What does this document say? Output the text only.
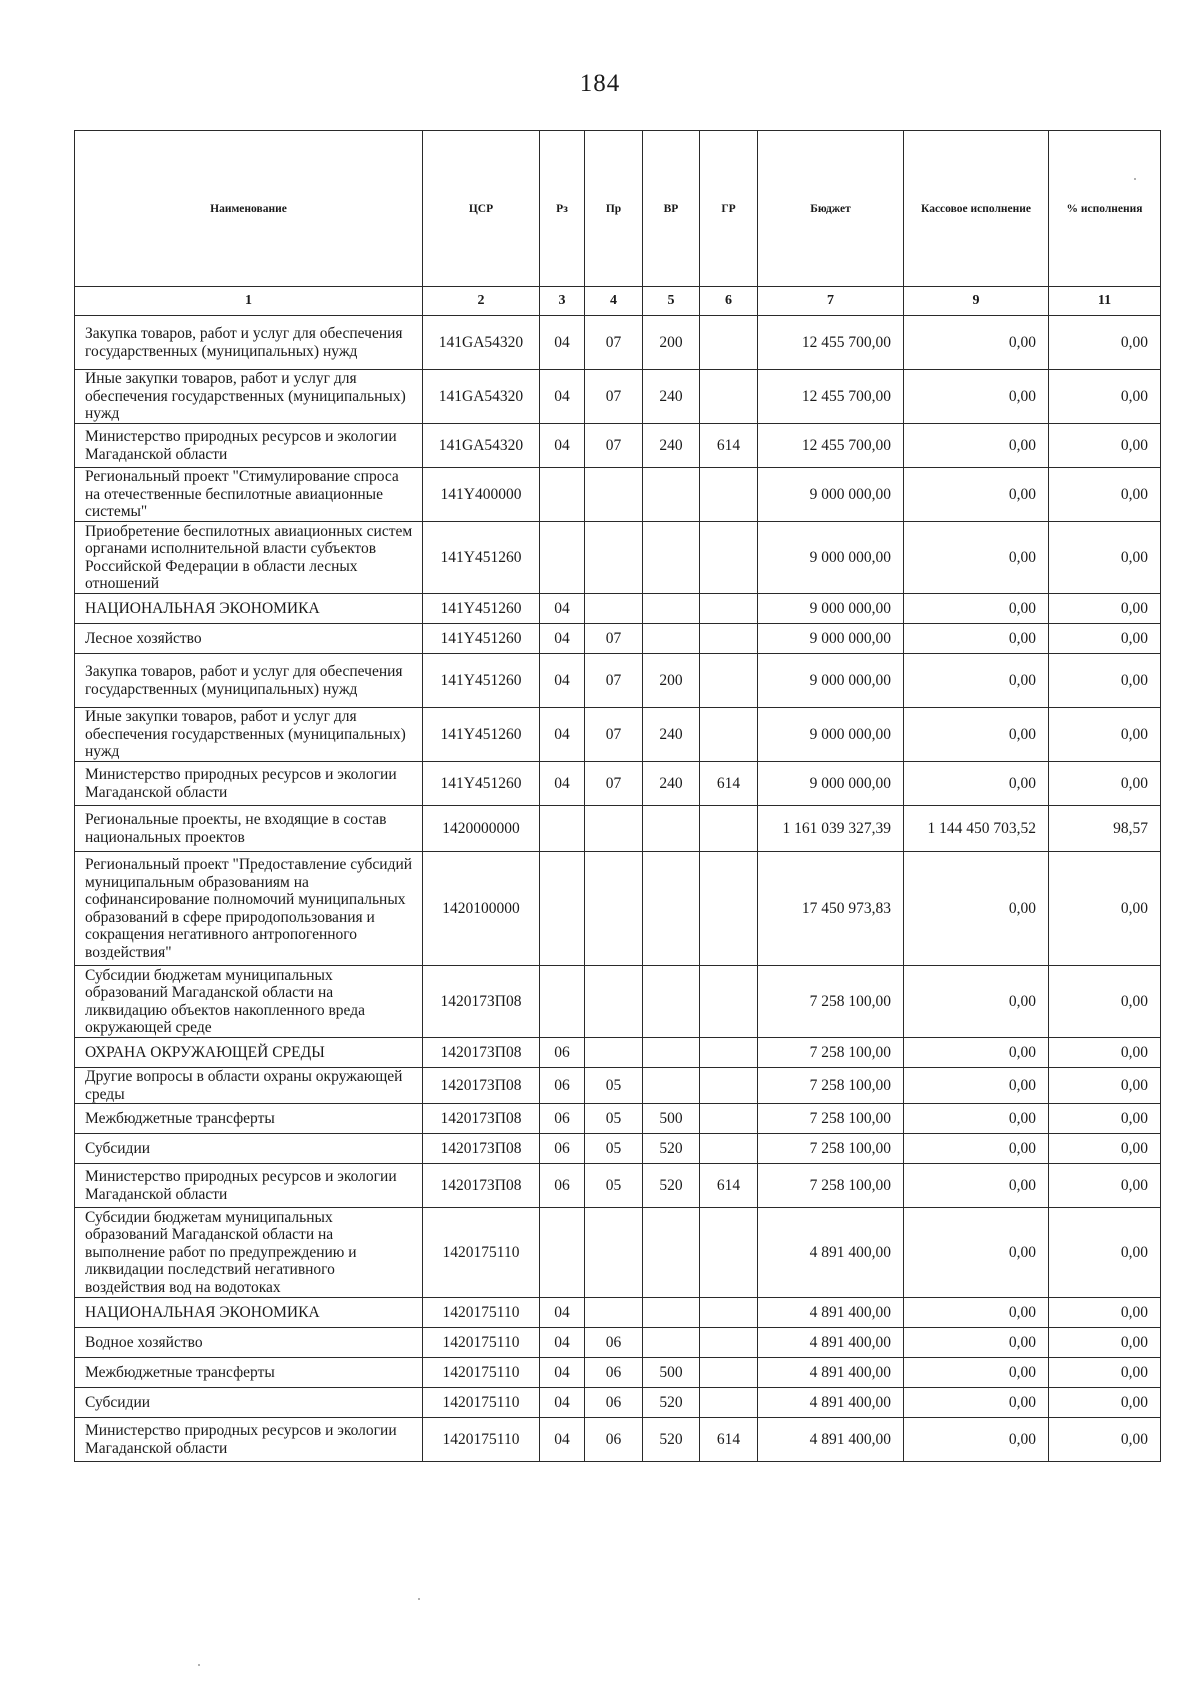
184
Наименование	ЦСР	Рз	Пр	ВР	ГР	Бюджет	Кассовое исполнение	% исполнения
1	2	3	4	5	6	7	9	11
Закупка товаров, работ и услуг для обеспечения государственных (муниципальных) нужд	141GA54320	04	07	200		12 455 700,00	0,00	0,00
Иные закупки товаров, работ и услуг для обеспечения государственных (муниципальных) нужд	141GA54320	04	07	240		12 455 700,00	0,00	0,00
Министерство природных ресурсов и экологии Магаданской области	141GA54320	04	07	240	614	12 455 700,00	0,00	0,00
Региональный проект "Стимулирование спроса на отечественные беспилотные авиационные системы"	141Y400000					9 000 000,00	0,00	0,00
Приобретение беспилотных авиационных систем органами исполнительной власти субъектов Российской Федерации в области лесных отношений	141Y451260					9 000 000,00	0,00	0,00
НАЦИОНАЛЬНАЯ ЭКОНОМИКА	141Y451260	04				9 000 000,00	0,00	0,00
Лесное хозяйство	141Y451260	04	07			9 000 000,00	0,00	0,00
Закупка товаров, работ и услуг для обеспечения государственных (муниципальных) нужд	141Y451260	04	07	200		9 000 000,00	0,00	0,00
Иные закупки товаров, работ и услуг для обеспечения государственных (муниципальных) нужд	141Y451260	04	07	240		9 000 000,00	0,00	0,00
Министерство природных ресурсов и экологии Магаданской области	141Y451260	04	07	240	614	9 000 000,00	0,00	0,00
Региональные проекты, не входящие в состав национальных проектов	1420000000					1 161 039 327,39	1 144 450 703,52	98,57
Региональный проект "Предоставление субсидий муниципальным образованиям на софинансирование полномочий муниципальных образований в сфере природопользования и сокращения негативного антропогенного воздействия"	1420100000					17 450 973,83	0,00	0,00
Субсидии бюджетам муниципальных образований Магаданской области на ликвидацию объектов накопленного вреда окружающей среде	142017ЗП08					7 258 100,00	0,00	0,00
ОХРАНА ОКРУЖАЮЩЕЙ СРЕДЫ	142017ЗП08	06				7 258 100,00	0,00	0,00
Другие вопросы в области охраны окружающей среды	142017ЗП08	06	05			7 258 100,00	0,00	0,00
Межбюджетные трансферты	142017ЗП08	06	05	500		7 258 100,00	0,00	0,00
Субсидии	142017ЗП08	06	05	520		7 258 100,00	0,00	0,00
Министерство природных ресурсов и экологии Магаданской области	142017ЗП08	06	05	520	614	7 258 100,00	0,00	0,00
Субсидии бюджетам муниципальных образований Магаданской области на выполнение работ по предупреждению и ликвидации последствий негативного воздействия вод на водотоках	1420175110					4 891 400,00	0,00	0,00
НАЦИОНАЛЬНАЯ ЭКОНОМИКА	1420175110	04				4 891 400,00	0,00	0,00
Водное хозяйство	1420175110	04	06			4 891 400,00	0,00	0,00
Межбюджетные трансферты	1420175110	04	06	500		4 891 400,00	0,00	0,00
Субсидии	1420175110	04	06	520		4 891 400,00	0,00	0,00
Министерство природных ресурсов и экологии Магаданской области	1420175110	04	06	520	614	4 891 400,00	0,00	0,00
